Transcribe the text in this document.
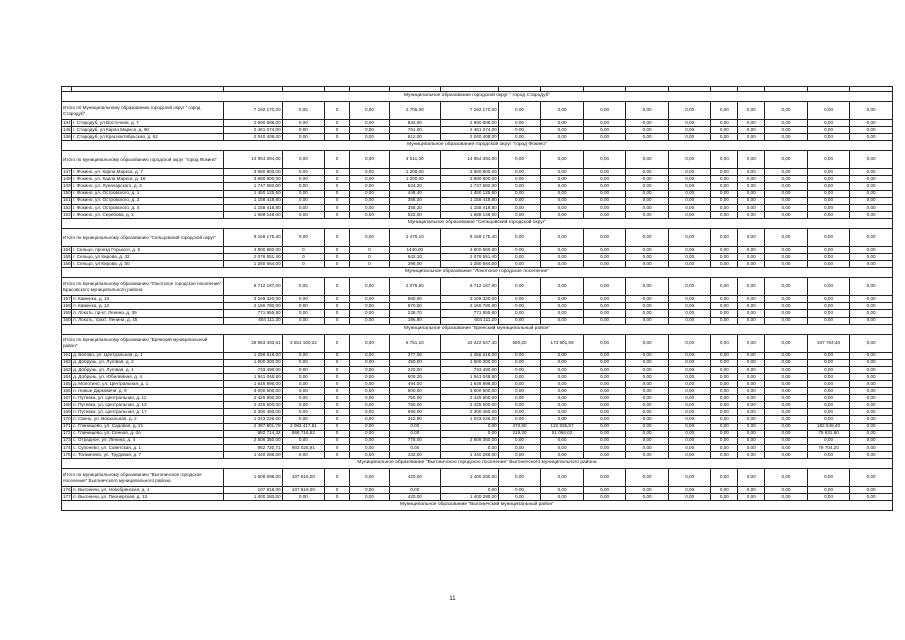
Муниципальное образование городской округ " город Стародуб"																	
Итого по Муниципальному образованию городской округ " город Стародуб"		7 192 170,00	0,00	0	0,00	2 705,00	7 192 170,00	0,00	0,00	0,00	0,00	0,00	0,00	0,00	0,00	0,00	0,00
144	г. Стародуб, ул Восточная, д. 7	2 690 688,00	0,00	0	0,00	832,00	2 690 688,00	0,00	0,00	0,00	0,00	0,00	0,00	0,00	0,00	0,00	0,00
145	г. Стародуб, ул Карла Маркса, д. 90	2 461 074,00	0,00	0	0,00	761,00	2 461 074,00	0,00	0,00	0,00	0,00	0,00	0,00	0,00	0,00	0,00	0,00
146	г. Стародуб, ул Красноктябрьская, д. 62	2 040 408,00	0,00	0	0,00	612,00	2 040 408,00	0,00	0,00	0,00	0,00	0,00	0,00	0,00	0,00	0,00	0,00
Муниципальное образование городской округ "город Фокино"																	
Итого по муниципальному образованию городской округ "город Фокино"		14 954 394,00	0,00	0	0,00	4 511,00	14 954 394,00	0,00	0,00	0,00	0,00	0,00	0,00	0,00	0,00	0,00	0,00
147	г. Фокино, ул. Карла Маркса, д. 7	3 880 800,00	0,00	0	0,00	1 200,00	3 880 800,00	0,00	0,00	0,00	0,00	0,00	0,00	0,00	0,00	0,00	0,00
148	г. Фокино, ул. Карла Маркса, д. 16	3 880 800,00	0,00	0	0,00	1 200,00	3 880 800,00	0,00	0,00	0,00	0,00	0,00	0,00	0,00	0,00	0,00	0,00
149	г. Фокино, ул. Луначарского, д. 3	1 747 682,00	0,00	0	0,00	524,20	1 747 682,00	0,00	0,00	0,00	0,00	0,00	0,00	0,00	0,00	0,00	0,00
150	г. Фокино, ул. Островского, д. 1	1 450 125,60	0,00	0	0,00	448,40	1 450 125,60	0,00	0,00	0,00	0,00	0,00	0,00	0,00	0,00	0,00	0,00
151	г. Фокино, ул. Островского, д. 2	1 158 418,80	0,00	0	0,00	358,20	1 158 418,80	0,00	0,00	0,00	0,00	0,00	0,00	0,00	0,00	0,00	0,00
152	г. Фокино, ул. Островского, д. 4	1 158 418,80	0,00	0	0,00	358,20	1 158 418,80	0,00	0,00	0,00	0,00	0,00	0,00	0,00	0,00	0,00	0,00
153	г. Фокино, ул. Серебова, д. 2	1 688 148,00	0,00	0	0,00	522,00	1 688 148,00	0,00	0,00	0,00	0,00	0,00	0,00	0,00	0,00	0,00	0,00
Муниципальное образование "Сельцовский городской округ"																	
Итого по муниципальному образованию "Сельцовский городской округ"		8 158 175,40	0,00	0	0,00	2 478,10	8 158 175,40	0,00	0,00	0,00	0,00	0,00	0,00	0,00	0,00	0,00	0,00
154	г. Сельцо, проезд Горького, д. 9	4 800 960,00	0	0	0	1440,00	4 800 960,00	0,00	0,00	0,00	0,00	0,00	0,00	0,00	0,00	0,00	0,00
155	г. Сельцо, ул Кирова, д. 32	2 076 551,40	0	0	0	642,10	2 076 551,40	0,00	0,00	0,00	0,00	0,00	0,00	0,00	0,00	0,00	0,00
156	г. Сельцо, ул Кирова, д. 50	1 280 664,00	0	0	0	396,00	1 280 664,00	0,00	0,00	0,00	0,00	0,00	0,00	0,00	0,00	0,00	0,00
Муниципальное образование "Локотское городское поселение"																	
Итого по муниципальному образованию "Локотское городское поселение" Брасовского муниципального района		6 712 167,00	0,00	0	0,00	2 075,50	6 712 167,00	0,00	0,00	0,00	0,00	0,00	0,00	0,00	0,00	0,00	0,00
157	п. Каменка, д. 10	3 169 320,00	0,00	0	0,00	980,00	3 169 320,00	0,00	0,00	0,00	0,00	0,00	0,00	0,00	0,00	0,00	0,00
158	п. Каменка, д. 12	2 166 780,00	0,00	0	0,00	670,00	2 166 780,00	0,00	0,00	0,00	0,00	0,00	0,00	0,00	0,00	0,00	0,00
159	п. Локоть, пр-кт. Ленина, д. 39	771 955,80	0,00	0	0,00	238,70	771 955,80	0,00	0,00	0,00	0,00	0,00	0,00	0,00	0,00	0,00	0,00
160	п. Локоть, тракт. Ленина, д. 45	604 111,20	0,00	0	0,00	186,80	604 111,20	0,00	0,00	0,00	0,00	0,00	0,00	0,00	0,00	0,00	0,00
Муниципальное образование "Брянский муниципальный район"																	
Итого по муниципальному образованию "Брянский муниципальный район"		26 553 493,61	3 651 160,22	0	0,00	6 751,10	22 222 647,40	690,20	173 901,59	0,00	0,00	0,00	0,00	0,00	0,00	337 764,40	0,00
161	д. Белово, ул. Центральная, д. 1	1 256 618,00	0,00	0	0,00	377,00	1 256 618,00	0,00	0,00	0,00	0,00	0,00	0,00	0,00	0,00	0,00	0,00
162	д. Добрунь, ул. Луговая, д. 2	1 500 300,00	0,00	0	0,00	450,00	1 500 300,00	0,00	0,00	0,00	0,00	0,00	0,00	0,00	0,00	0,00	0,00
163	д. Добрунь, ул. Луговая, д. 4	733 480,00	0,00	0	0,00	220,00	733 480,00	0,00	0,00	0,00	0,00	0,00	0,00	0,00	0,00	0,00	0,00
164	д. Добрунь, ул. Юбилейная, д. 4	1 941 046,80	0,00	0	0,00	600,20	1 941 046,80	0,00	0,00	0,00	0,00	0,00	0,00	0,00	0,00	0,00	0,00
165	д. Молотино, ул. Центральная, д. 1	1 646 996,00	0,00	0	0,00	494,00	1 646 996,00	0,00	0,00	0,00	0,00	0,00	0,00	0,00	0,00	0,00	0,00
166	п. Новые Дарковичи, д. 9	3 000 600,00	0,00	0	0,00	900,00	3 000 600,00	0,00	0,00	0,00	0,00	0,00	0,00	0,00	0,00	0,00	0,00
167	п. Путевка, ул. Центральная, д. 11	2 425 500,00	0,00	0	0,00	750,00	2 425 500,00	0,00	0,00	0,00	0,00	0,00	0,00	0,00	0,00	0,00	0,00
168	п. Путевка, ул. Центральная, д. 12	2 425 500,00	0,00	0	0,00	750,00	2 425 500,00	0,00	0,00	0,00	0,00	0,00	0,00	0,00	0,00	0,00	0,00
169	п. Путевка, ул. Центральная, д. 17	2 300 460,00	0,00	0	0,00	690,00	2 300 460,00	0,00	0,00	0,00	0,00	0,00	0,00	0,00	0,00	0,00	0,00
170	п. Свень, ул. Вокзальная, д. 2	1 043 226,00	0,00	0	0,00	312,90	1 043 226,00	0,00	0,00	0,00	0,00	0,00	0,00	0,00	0,00	0,00	0,00
171	с. Глинищево, ул. Садовая, д. 21	2 387 801,78	2 082 417,81	0	0,00	0,00	0,00	470,90	122 835,57	0,00	0,00	0,00	0,00	0,00	0,00	182 648,40	0,00
172	с. Глинищево, ул. Сенная, д. 3А	982 714,32	866 716,52	0	0,00	0,00	0,00	219,30	51 066,02	0,00	0,00	0,00	0,00	0,00	0,00	75 631,80	0,00
173	с. Отрадное, ул. Ленина, д. 4	2 506 350,00	0,00	0	0,00	775,00	2 506 350,00	0,00	0,00	0,00	0,00	0,00	0,00	0,00	0,00	0,00	0,00
174	с. Супонево, ул. Советская, д. 1	982 720,71	903 025,91	0	0,00	0,00	0,00	0,00	0,00	0,00	0,00	0,00	0,00	0,00	0,00	79 704,20	0,00
175	с. Толмачево, ул. Трудовая, д. 7	1 440 288,00	0,00	0	0,00	432,00	1 440 288,00	0,00	0,00	0,00	0,00	0,00	0,00	0,00	0,00	0,00	0,00
Муниципальное образование "Выгоничское городское поселение" Выгоничского муниципального района																	
Итого по муниципальному образованию "Выгоничское городское поселение" Выгоничского муниципального района		1 508 098,00	107 818,00	0	0,00	420,00	1 400 280,00	0,00	0,00	0,00	0,00	0,00	0,00	0,00	0,00	0,00	0,00
176	п. Выгоничи, ул. Новобрянская, д. 1	107 818,00	107 818,00	0	0,00	0,00	0,00	0,00	0,00	0,00	0,00	0,00	0,00	0,00	0,00	0,00	0,00
177	п. Выгоничи, ул. Пионерская, д. 13	1 400 280,00	0,00	0	0,00	420,00	1 400 280,00	0,00	0,00	0,00	0,00	0,00	0,00	0,00	0,00	0,00	0,00
Муниципальное образование "Выгоничский муниципальный район"																	
11
